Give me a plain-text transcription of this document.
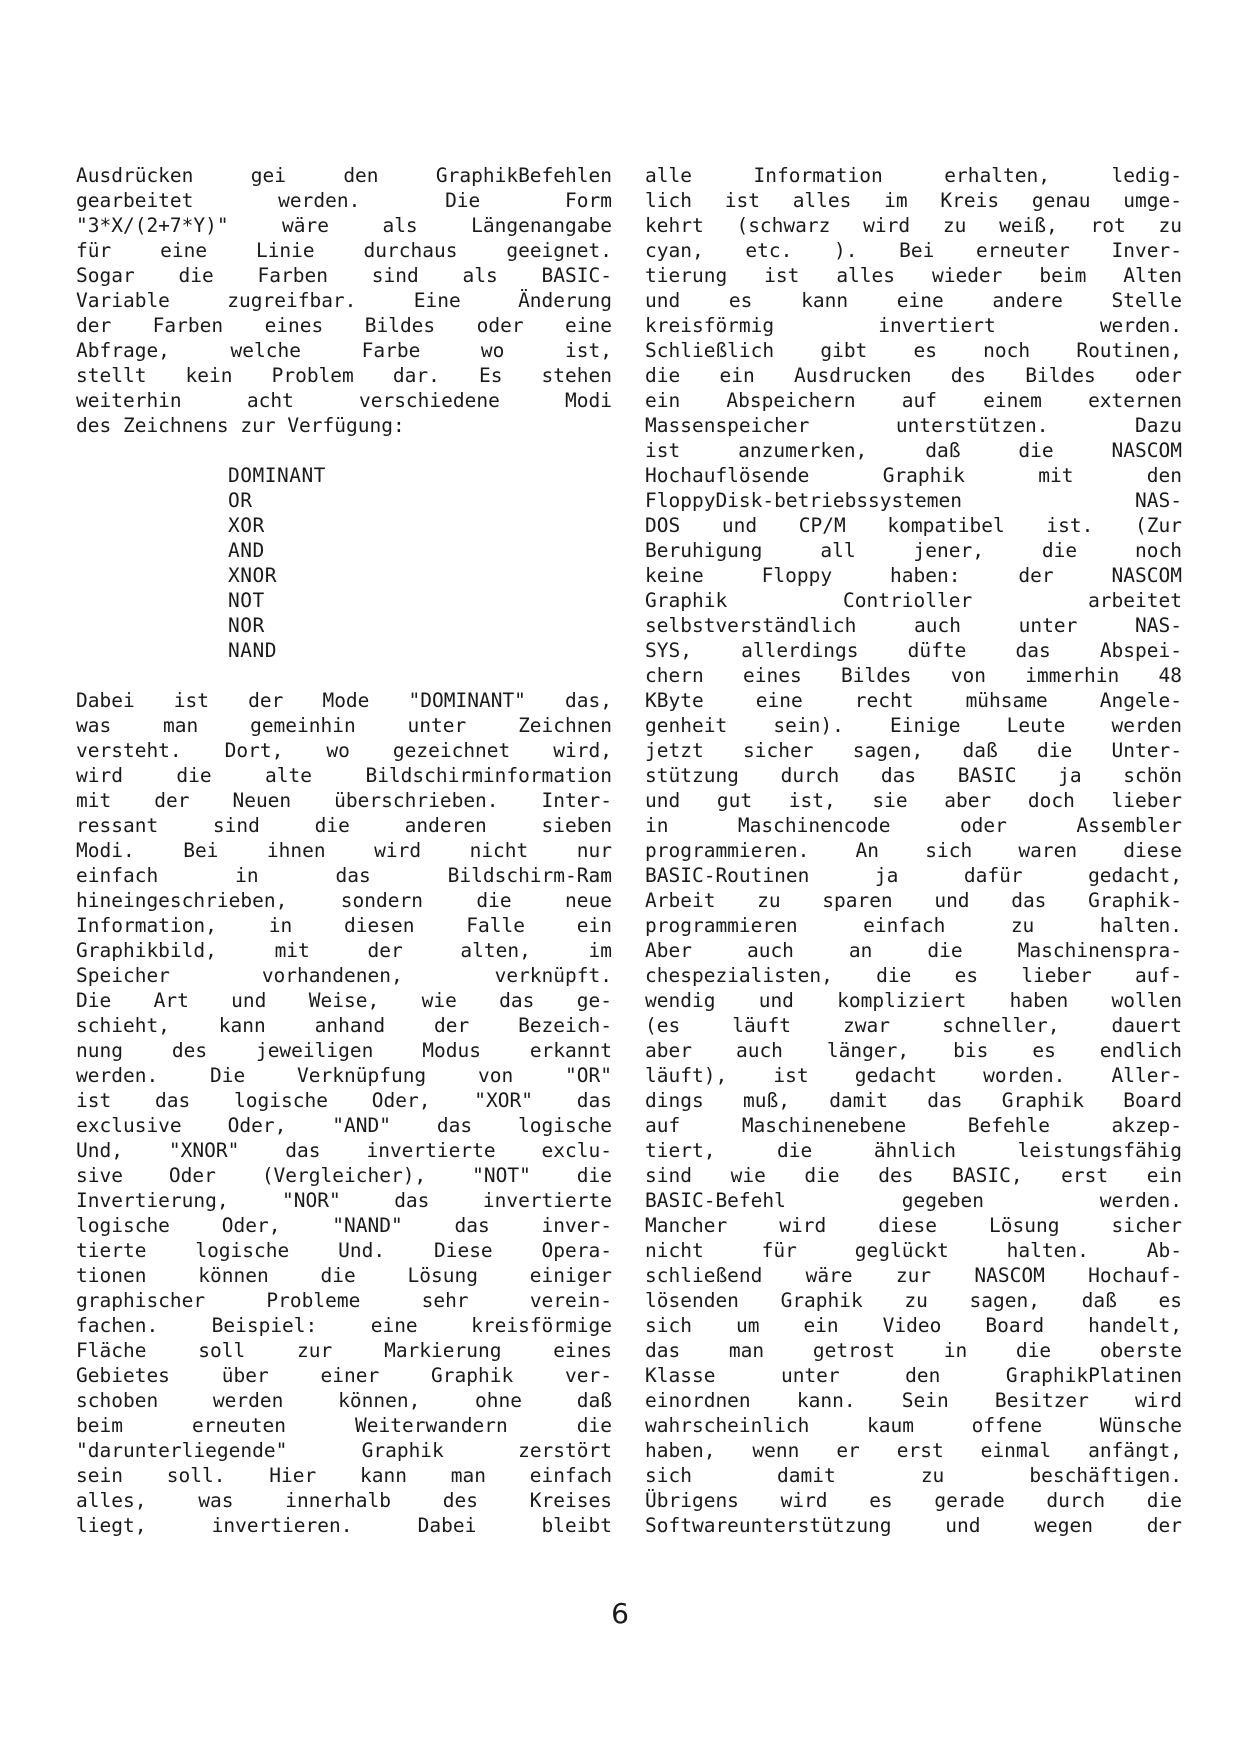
Ausdrücken gei den GraphikBefehlen
gearbeitet werden. Die Form
"3*X/(2+7*Y)" wäre als Längenangabe
für eine Linie durchaus geeignet.
Sogar die Farben sind als BASIC-
Variable zugreifbar. Eine Änderung
der Farben eines Bildes oder eine
Abfrage, welche Farbe wo ist,
stellt kein Problem dar. Es stehen
weiterhin acht verschiedene Modi
des Zeichnens zur Verfügung:
DOMINANT
OR
XOR
AND
XNOR
NOT
NOR
NAND
Dabei ist der Mode "DOMINANT" das,
was man gemeinhin unter Zeichnen
versteht. Dort, wo gezeichnet wird,
wird die alte Bildschirminformation
mit der Neuen überschrieben. Inter-
ressant sind die anderen sieben
Modi. Bei ihnen wird nicht nur
einfach in das Bildschirm-Ram
hineingeschrieben, sondern die neue
Information, in diesen Falle ein
Graphikbild, mit der alten, im
Speicher vorhandenen, verknüpft.
Die Art und Weise, wie das ge-
schieht, kann anhand der Bezeich-
nung des jeweiligen Modus erkannt
werden. Die Verknüpfung von "OR"
ist das logische Oder, "XOR" das
exclusive Oder, "AND" das logische
Und, "XNOR" das invertierte exclu-
sive Oder (Vergleicher), "NOT" die
Invertierung, "NOR" das invertierte
logische Oder, "NAND" das inver-
tierte logische Und. Diese Opera-
tionen können die Lösung einiger
graphischer Probleme sehr verein-
fachen. Beispiel: eine kreisförmige
Fläche soll zur Markierung eines
Gebietes über einer Graphik ver-
schoben werden können, ohne daß
beim erneuten Weiterwandern die
"darunterliegende" Graphik zerstört
sein soll. Hier kann man einfach
alles, was innerhalb des Kreises
liegt, invertieren. Dabei bleibt
alle Information erhalten, ledig-
lich ist alles im Kreis genau umge-
kehrt (schwarz wird zu weiß, rot zu
cyan, etc. ). Bei erneuter Inver-
tierung ist alles wieder beim Alten
und es kann eine andere Stelle
kreisförmig invertiert werden.
Schließlich gibt es noch Routinen,
die ein Ausdrucken des Bildes oder
ein Abspeichern auf einem externen
Massenspeicher unterstützen. Dazu
ist anzumerken, daß die NASCOM
Hochauflösende Graphik mit den
FloppyDisk-betriebssystemen NAS-
DOS und CP/M kompatibel ist. (Zur
Beruhigung all jener, die noch
keine Floppy haben: der NASCOM
Graphik Contrioller arbeitet
selbstverständlich auch unter NAS-
SYS, allerdings düfte das Abspei-
chern eines Bildes von immerhin 48
KByte eine recht mühsame Angele-
genheit sein). Einige Leute werden
jetzt sicher sagen, daß die Unter-
stützung durch das BASIC ja schön
und gut ist, sie aber doch lieber
in Maschinencode oder Assembler
programmieren. An sich waren diese
BASIC-Routinen ja dafür gedacht,
Arbeit zu sparen und das Graphik-
programmieren einfach zu halten.
Aber auch an die Maschinenspra-
chespezialisten, die es lieber auf-
wendig und kompliziert haben wollen
(es läuft zwar schneller, dauert
aber auch länger, bis es endlich
läuft), ist gedacht worden. Aller-
dings muß, damit das Graphik Board
auf Maschinenebene Befehle akzep-
tiert, die ähnlich leistungsfähig
sind wie die des BASIC, erst ein
BASIC-Befehl gegeben werden.
Mancher wird diese Lösung sicher
nicht für geglückt halten. Ab-
schließend wäre zur NASCOM Hochauf-
lösenden Graphik zu sagen, daß es
sich um ein Video Board handelt,
das man getrost in die oberste
Klasse unter den GraphikPlatinen
einordnen kann. Sein Besitzer wird
wahrscheinlich kaum offene Wünsche
haben, wenn er erst einmal anfängt,
sich damit zu beschäftigen.
Übrigens wird es gerade durch die
Softwareunterstützung und wegen der
6
